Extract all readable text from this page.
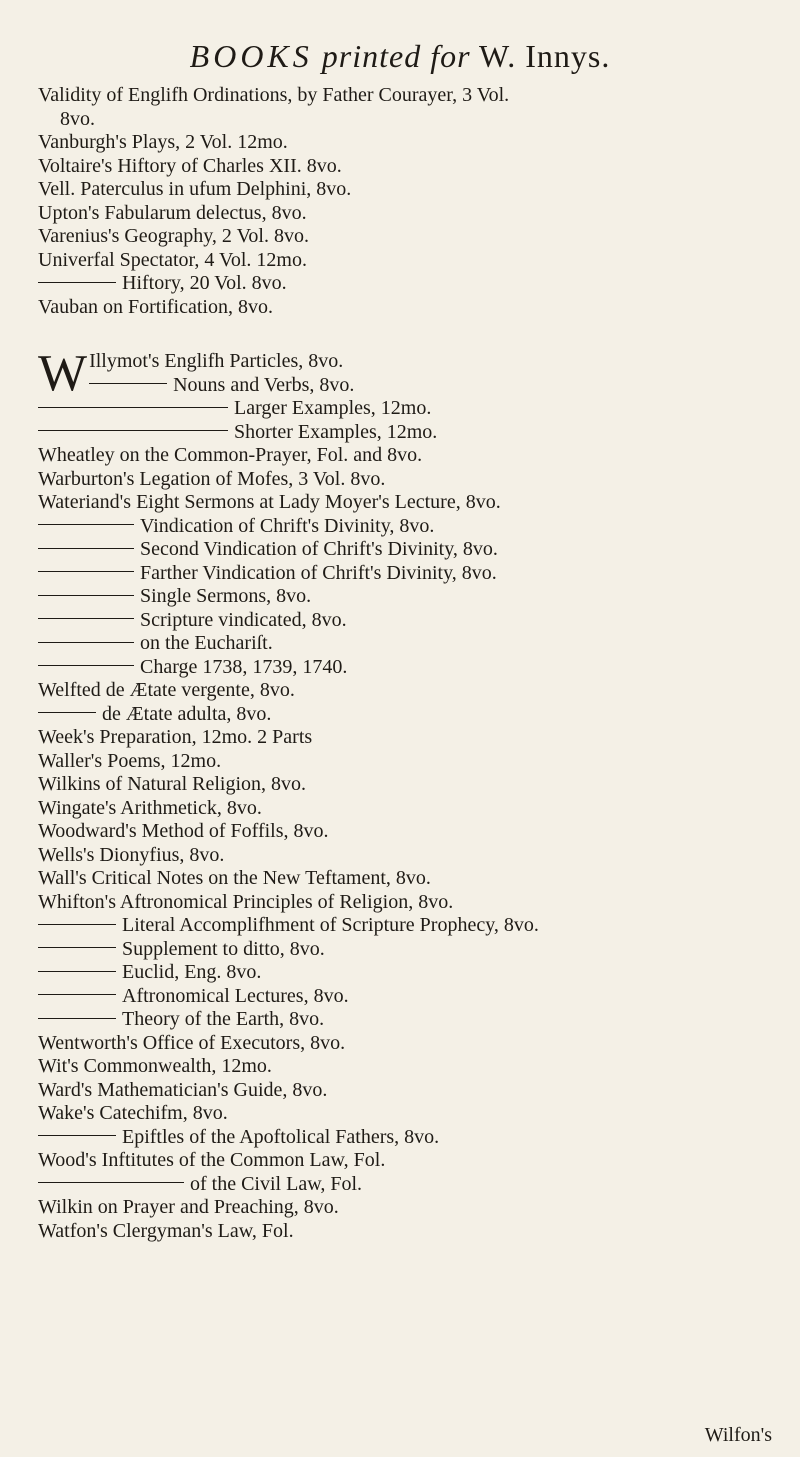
BOOKS printed for W. Innys.
Validity of Englifh Ordinations, by Father Courayer, 3 Vol.
8vo.
Vanburgh's Plays, 2 Vol. 12mo.
Voltaire's Hiftory of Charles XII. 8vo.
Vell. Paterculus in ufum Delphini, 8vo.
Upton's Fabularum delectus, 8vo.
Varenius's Geography, 2 Vol. 8vo.
Univerfal Spectator, 4 Vol. 12mo.
Hiftory, 20 Vol. 8vo.
Vauban on Fortification, 8vo.
W Illymot's Englifh Particles, 8vo.
Nouns and Verbs, 8vo.
Larger Examples, 12mo.
Shorter Examples, 12mo.
Wheatley on the Common-Prayer, Fol. and 8vo.
Warburton's Legation of Mofes, 3 Vol. 8vo.
Wateriand's Eight Sermons at Lady Moyer's Lecture, 8vo.
Vindication of Chrift's Divinity, 8vo.
Second Vindication of Chrift's Divinity, 8vo.
Farther Vindication of Chrift's Divinity, 8vo.
Single Sermons, 8vo.
Scripture vindicated, 8vo.
on the Euchariſt.
Charge 1738, 1739, 1740.
Welfted de Ætate vergente, 8vo.
de Ætate adulta, 8vo.
Week's Preparation, 12mo. 2 Parts
Waller's Poems, 12mo.
Wilkins of Natural Religion, 8vo.
Wingate's Arithmetick, 8vo.
Woodward's Method of Foffils, 8vo.
Wells's Dionyfius, 8vo.
Wall's Critical Notes on the New Teftament, 8vo.
Whifton's Aftronomical Principles of Religion, 8vo.
Literal Accomplifhment of Scripture Prophecy, 8vo.
Supplement to ditto, 8vo.
Euclid, Eng. 8vo.
Aftronomical Lectures, 8vo.
Theory of the Earth, 8vo.
Wentworth's Office of Executors, 8vo.
Wit's Commonwealth, 12mo.
Ward's Mathematician's Guide, 8vo.
Wake's Catechifm, 8vo.
Epiftles of the Apoftolical Fathers, 8vo.
Wood's Inftitutes of the Common Law, Fol.
of the Civil Law, Fol.
Wilkin on Prayer and Preaching, 8vo.
Watfon's Clergyman's Law, Fol.
Wilfon's
